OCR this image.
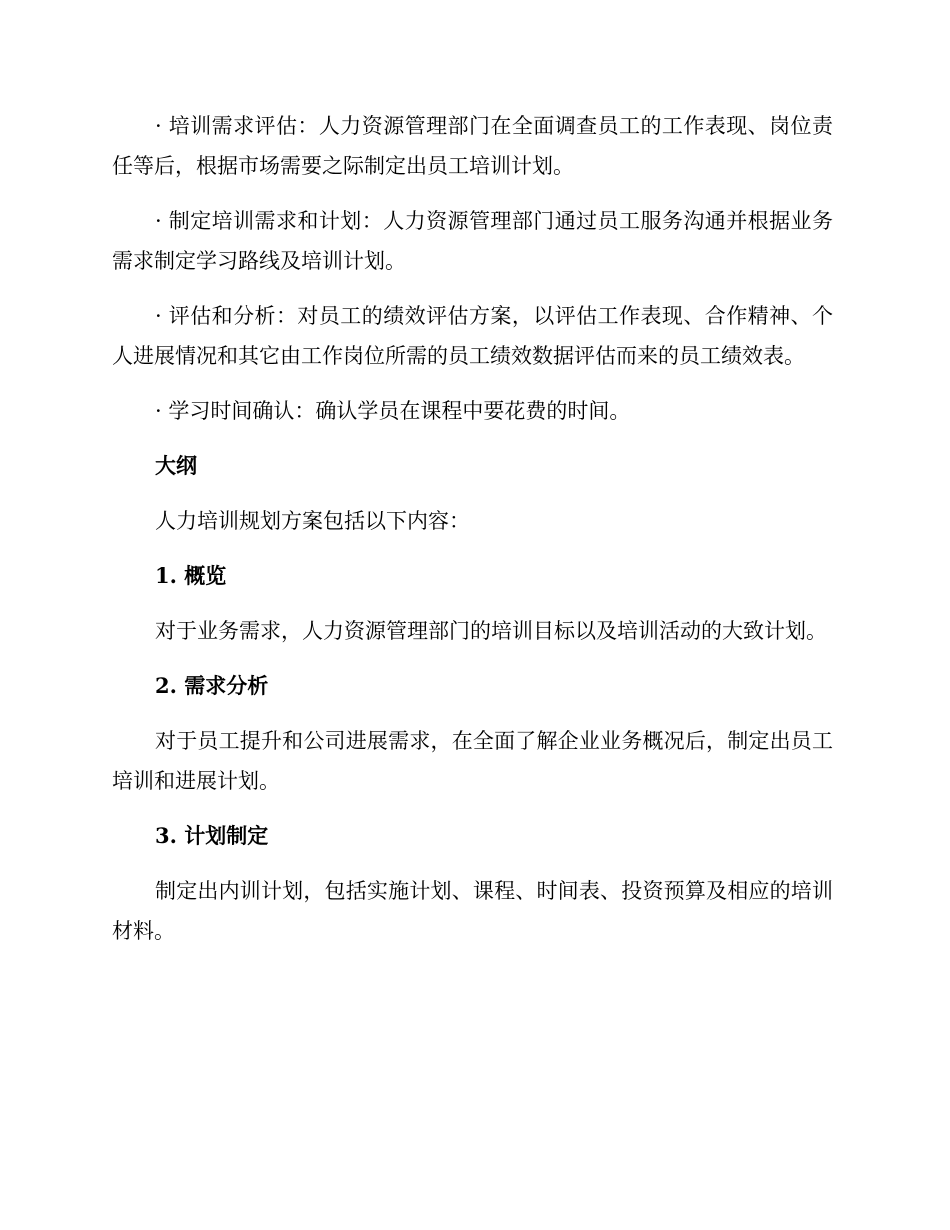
· 培训需求评估：人力资源管理部门在全面调查员工的工作表现、岗位责任等后，根据市场需要之际制定出员工培训计划。

· 制定培训需求和计划：人力资源管理部门通过员工服务沟通并根据业务需求制定学习路线及培训计划。

· 评估和分析：对员工的绩效评估方案，以评估工作表现、合作精神、个人进展情况和其它由工作岗位所需的员工绩效数据评估而来的员工绩效表。

· 学习时间确认：确认学员在课程中要花费的时间。

大纲

人力培训规划方案包括以下内容：

1. 概览

对于业务需求，人力资源管理部门的培训目标以及培训活动的大致计划。

2. 需求分析

对于员工提升和公司进展需求，在全面了解企业业务概况后，制定出员工培训和进展计划。

3. 计划制定

制定出内训计划，包括实施计划、课程、时间表、投资预算及相应的培训材料。
